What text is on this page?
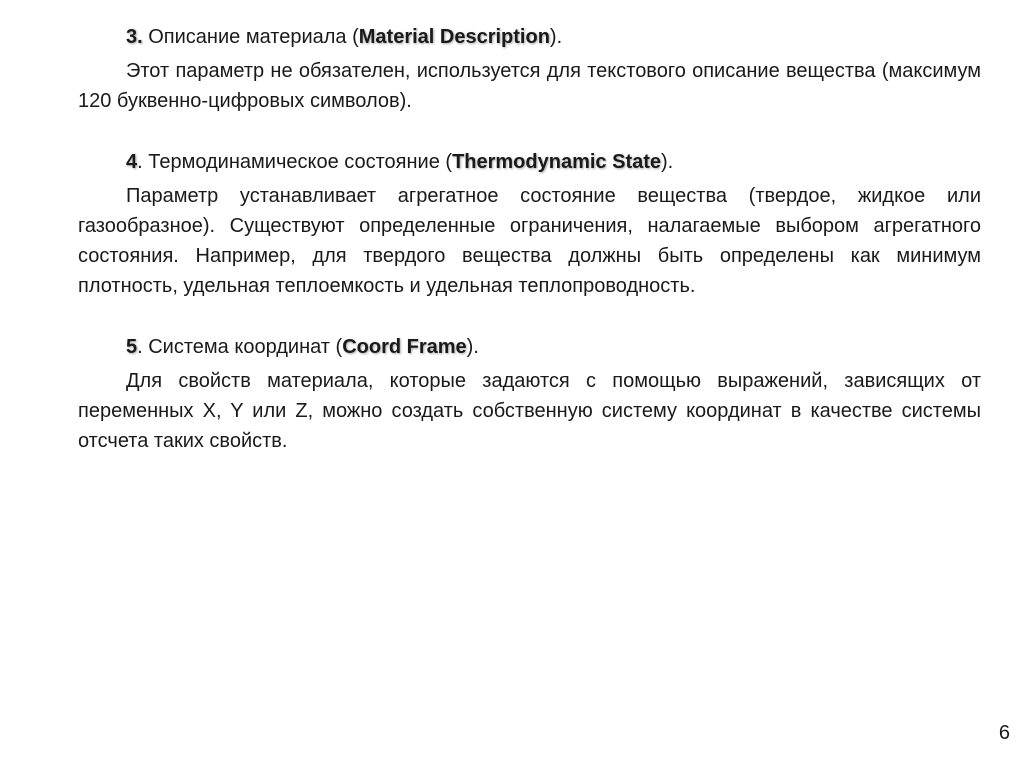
3. Описание материала (Material Description).

Этот параметр не обязателен, используется для текстового описание вещества (максимум 120 буквенно-цифровых символов).

4. Термодинамическое состояние (Thermodynamic State).

Параметр устанавливает агрегатное состояние вещества (твердое, жидкое или газообразное). Существуют определенные ограничения, налагаемые выбором агрегатного состояния. Например, для твердого вещества должны быть определены как минимум плотность, удельная теплоемкость и удельная теплопроводность.

5. Система координат (Coord Frame).

Для свойств материала, которые задаются с помощью выражений, зависящих от переменных X, Y или Z, можно создать собственную систему координат в качестве системы отсчета таких свойств.

6
